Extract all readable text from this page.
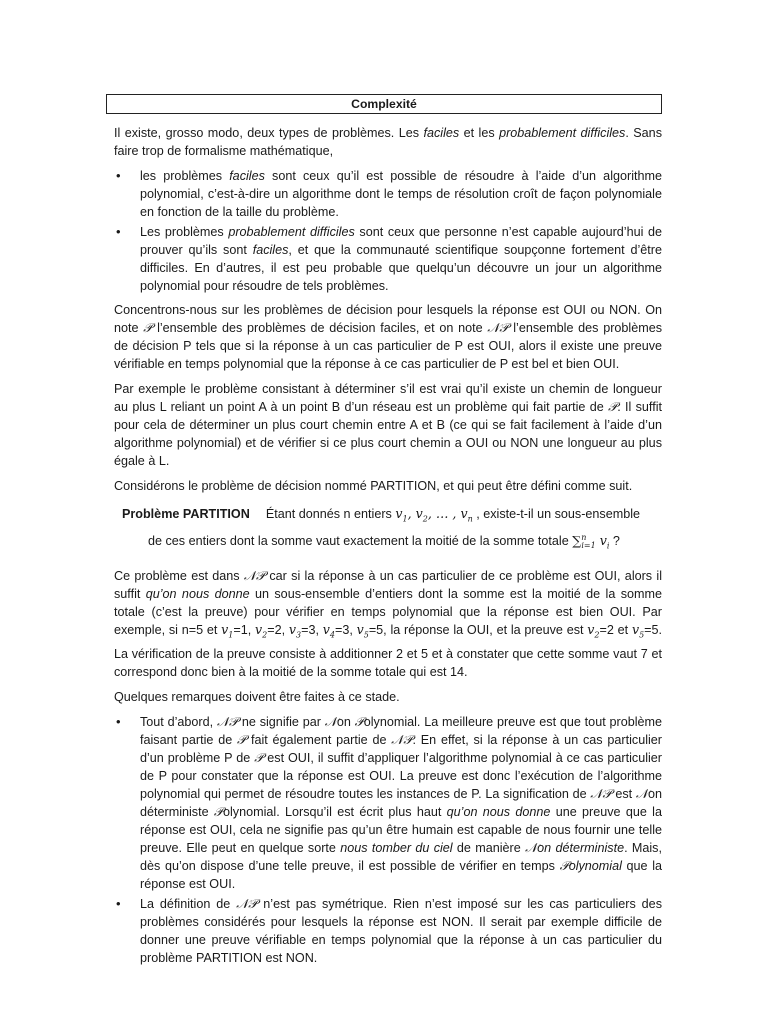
Complexité

Il existe, grosso modo, deux types de problèmes. Les faciles et les probablement difficiles. Sans faire trop de formalisme mathématique,

• les problèmes faciles sont ceux qu’il est possible de résoudre à l’aide d’un algorithme polynomial, c’est-à-dire un algorithme dont le temps de résolution croît de façon polynomiale en fonction de la taille du problème.
• Les problèmes probablement difficiles sont ceux que personne n’est capable aujourd’hui de prouver qu’ils sont faciles, et que la communauté scientifique soupçonne fortement d’être difficiles. En d’autres, il est peu probable que quelqu’un découvre un jour un algorithme polynomial pour résoudre de tels problèmes.

Concentrons-nous sur les problèmes de décision pour lesquels la réponse est OUI ou NON. On note 𝒫 l’ensemble des problèmes de décision faciles, et on note 𝒩𝒫 l’ensemble des problèmes de décision P tels que si la réponse à un cas particulier de P est OUI, alors il existe une preuve vérifiable en temps polynomial que la réponse à ce cas particulier de P est bel et bien OUI.

Par exemple le problème consistant à déterminer s’il est vrai qu’il existe un chemin de longueur au plus L reliant un point A à un point B d’un réseau est un problème qui fait partie de 𝒫. Il suffit pour cela de déterminer un plus court chemin entre A et B (ce qui se fait facilement à l’aide d’un algorithme polynomial) et de vérifier si ce plus court chemin a OUI ou NON une longueur au plus égale à L.

Considérons le problème de décision nommé PARTITION, et qui peut être défini comme suit.

Problème PARTITION Étant donnés n entiers $v_1$, $v_2$, … , $v_n$ , existe-t-il un sous-ensemble
de ces entiers dont la somme vaut exactement la moitié de la somme totale ∑$^n_{i=1}$ $v_i$ ?

Ce problème est dans 𝒩𝒫 car si la réponse à un cas particulier de ce problème est OUI, alors il suffit qu’on nous donne un sous-ensemble d’entiers dont la somme est la moitié de la somme totale (c’est la preuve) pour vérifier en temps polynomial que la réponse est bien OUI. Par exemple, si n=5 et $v_1=1$, $v_2=2$, $v_3=3$, $v_4=3$, $v_5=5$, la réponse la OUI, et la preuve est $v_2=2$ et $v_5=5$. La vérification de la preuve consiste à additionner 2 et 5 et à constater que cette somme vaut 7 et correspond donc bien à la moitié de la somme totale qui est 14.

Quelques remarques doivent être faites à ce stade.

• Tout d’abord, 𝒩𝒫 ne signifie par 𝒩on 𝒫olynomial. La meilleure preuve est que tout problème faisant partie de 𝒫 fait également partie de 𝒩𝒫. En effet, si la réponse à un cas particulier d’un problème P de 𝒫 est OUI, il suffit d’appliquer l’algorithme polynomial à ce cas particulier de P pour constater que la réponse est OUI. La preuve est donc l’exécution de l’algorithme polynomial qui permet de résoudre toutes les instances de P. La signification de 𝒩𝒫 est 𝒩on déterministe 𝒫olynomial. Lorsqu’il est écrit plus haut qu’on nous donne une preuve que la réponse est OUI, cela ne signifie pas qu’un être humain est capable de nous fournir une telle preuve. Elle peut en quelque sorte nous tomber du ciel de manière 𝒩on déterministe. Mais, dès qu’on dispose d’une telle preuve, il est possible de vérifier en temps 𝒫olynomial que la réponse est OUI.
• La définition de 𝒩𝒫 n’est pas symétrique. Rien n’est imposé sur les cas particuliers des problèmes considérés pour lesquels la réponse est NON. Il serait par exemple difficile de donner une preuve vérifiable en temps polynomial que la réponse à un cas particulier du problème PARTITION est NON.
